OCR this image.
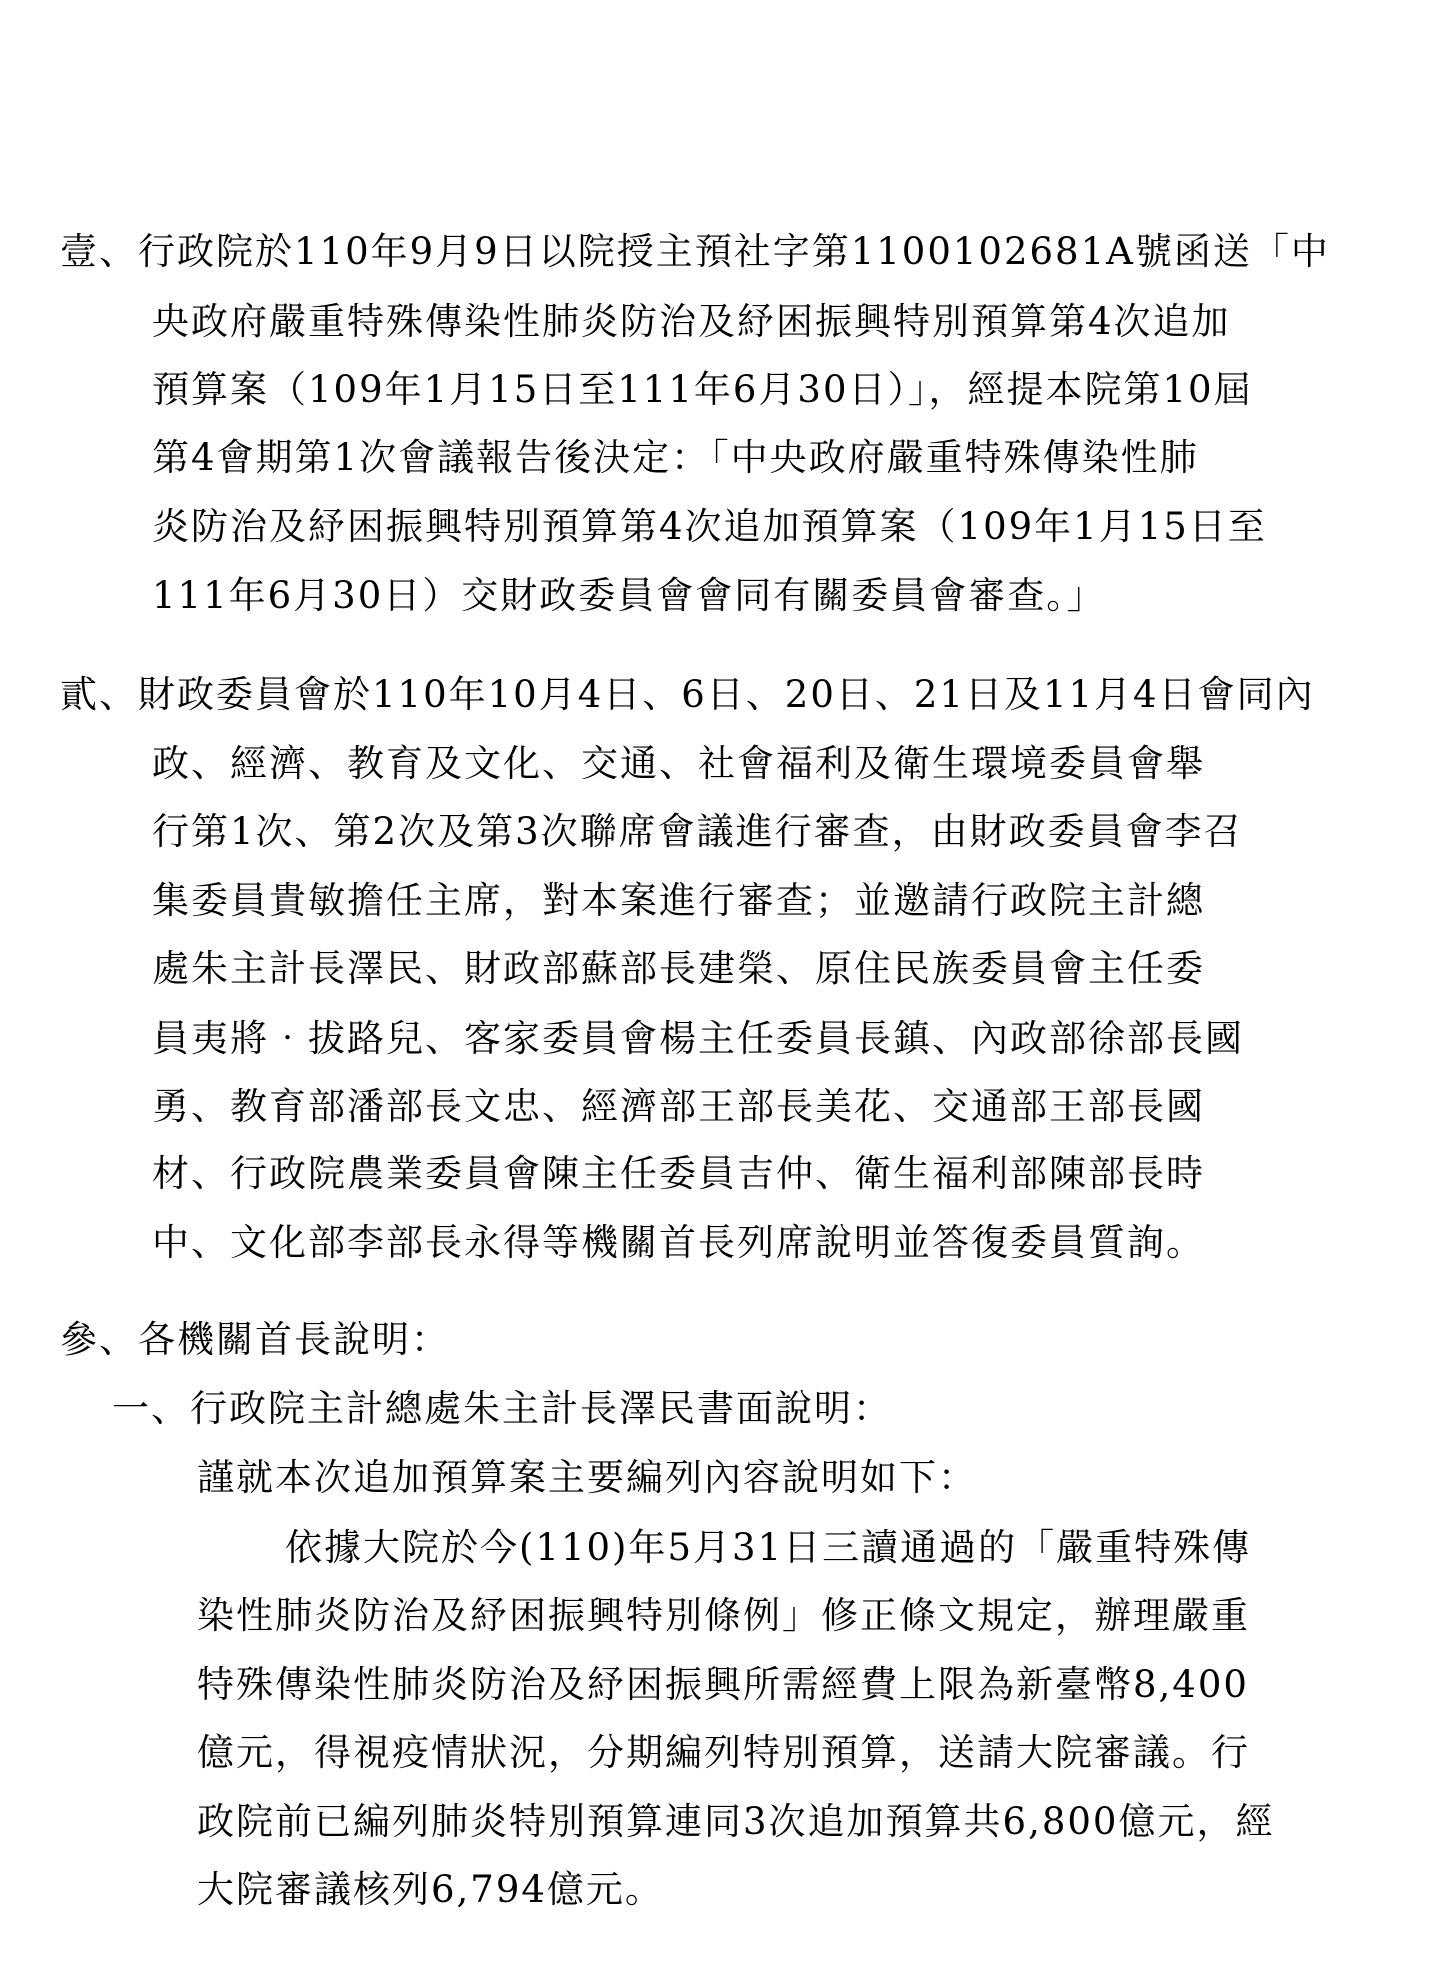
壹、行政院於110年9月9日以院授主預社字第1100102681A號函送「中
央政府嚴重特殊傳染性肺炎防治及紓困振興特別預算第4次追加
預算案（109年1月15日至111年6月30日）」，經提本院第10屆
第4會期第1次會議報告後決定：「中央政府嚴重特殊傳染性肺
炎防治及紓困振興特別預算第4次追加預算案（109年1月15日至
111年6月30日）交財政委員會會同有關委員會審查。」
貳、財政委員會於110年10月4日、6日、20日、21日及11月4日會同內
政、經濟、教育及文化、交通、社會福利及衛生環境委員會舉
行第1次、第2次及第3次聯席會議進行審查，由財政委員會李召
集委員貴敏擔任主席，對本案進行審查；並邀請行政院主計總
處朱主計長澤民、財政部蘇部長建榮、原住民族委員會主任委
員夷將‧拔路兒、客家委員會楊主任委員長鎮、內政部徐部長國
勇、教育部潘部長文忠、經濟部王部長美花、交通部王部長國
材、行政院農業委員會陳主任委員吉仲、衛生福利部陳部長時
中、文化部李部長永得等機關首長列席說明並答復委員質詢。
參、各機關首長說明：
一、行政院主計總處朱主計長澤民書面說明：
謹就本次追加預算案主要編列內容說明如下：
依據大院於今(110)年5月31日三讀通過的「嚴重特殊傳
染性肺炎防治及紓困振興特別條例」修正條文規定，辦理嚴重
特殊傳染性肺炎防治及紓困振興所需經費上限為新臺幣8,400
億元，得視疫情狀況，分期編列特別預算，送請大院審議。行
政院前已編列肺炎特別預算連同3次追加預算共6,800億元，經
大院審議核列6,794億元。
